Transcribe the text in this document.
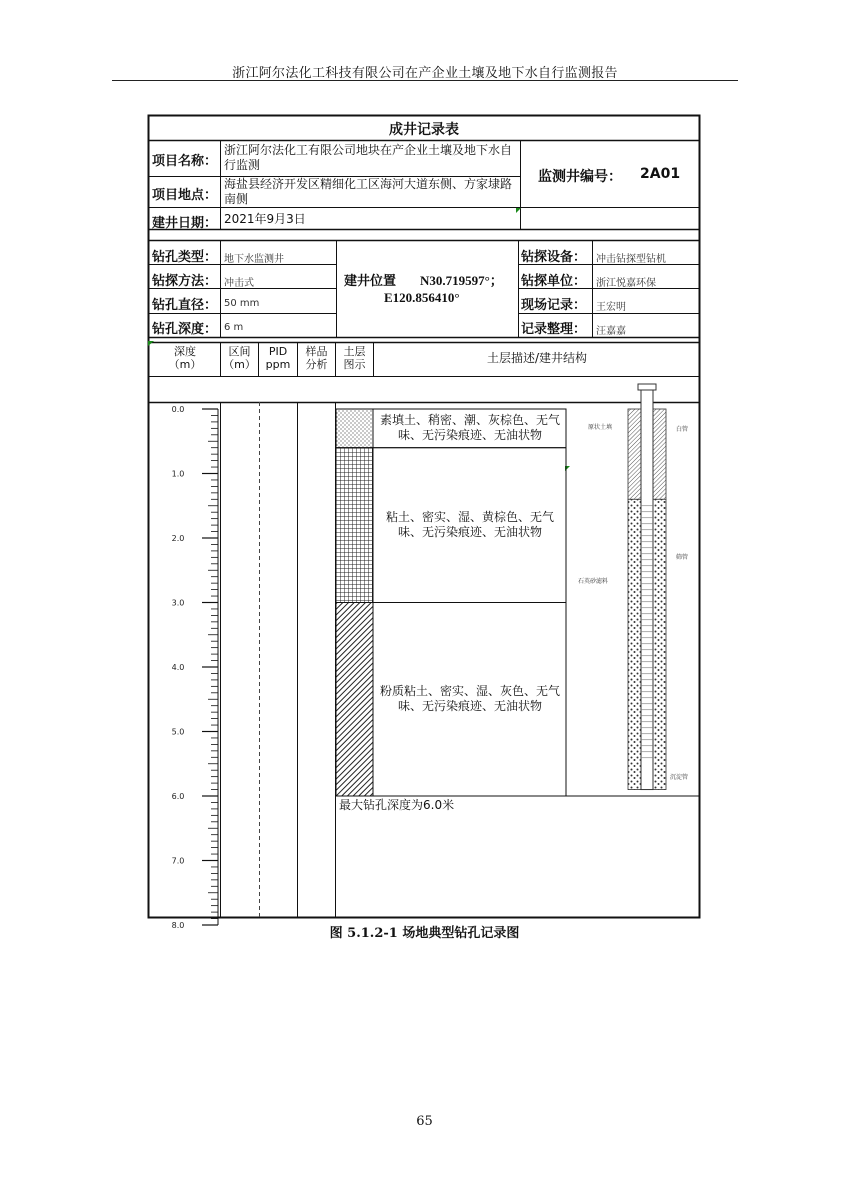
浙江阿尔法化工科技有限公司在产企业土壤及地下水自行监测报告
成井记录表
项目名称：
浙江阿尔法化工有限公司地块在产企业土壤及地下水自行监测
项目地点：
海盐县经济开发区精细化工区海河大道东侧、方家埭路南侧
建井日期： 2021年9月3日
监测井编号： 2A01
钻孔类型： 地下水监测井
钻探方法： 冲击式
钻孔直径： 50 mm
钻孔深度： 6 m
建井位置 N30.719597°；
E120.856410°
钻探设备： 冲击钻探型钻机
钻探单位： 浙江悦嘉环保
现场记录： 王宏明
记录整理： 汪嘉嘉
深度
（m）
区间
（m）
PID
ppm
样品
分析
土层
图示	土层描述/建井结构
0.0
1.0
2.0
3.0
4.0
5.0
6.0
7.0
8.0
素填土、稍密、潮、灰棕色、无气味、无污染痕迹、无油状物
粘土、密实、湿、黄棕色、无气味、无污染痕迹、无油状物
粉质粘土、密实、湿、灰色、无气味、无污染痕迹、无油状物
最大钻孔深度为6.0米
原状土填
石英砂滤料
白管
筛管
沉淀管
图 5.1.2-1 场地典型钻孔记录图
65
